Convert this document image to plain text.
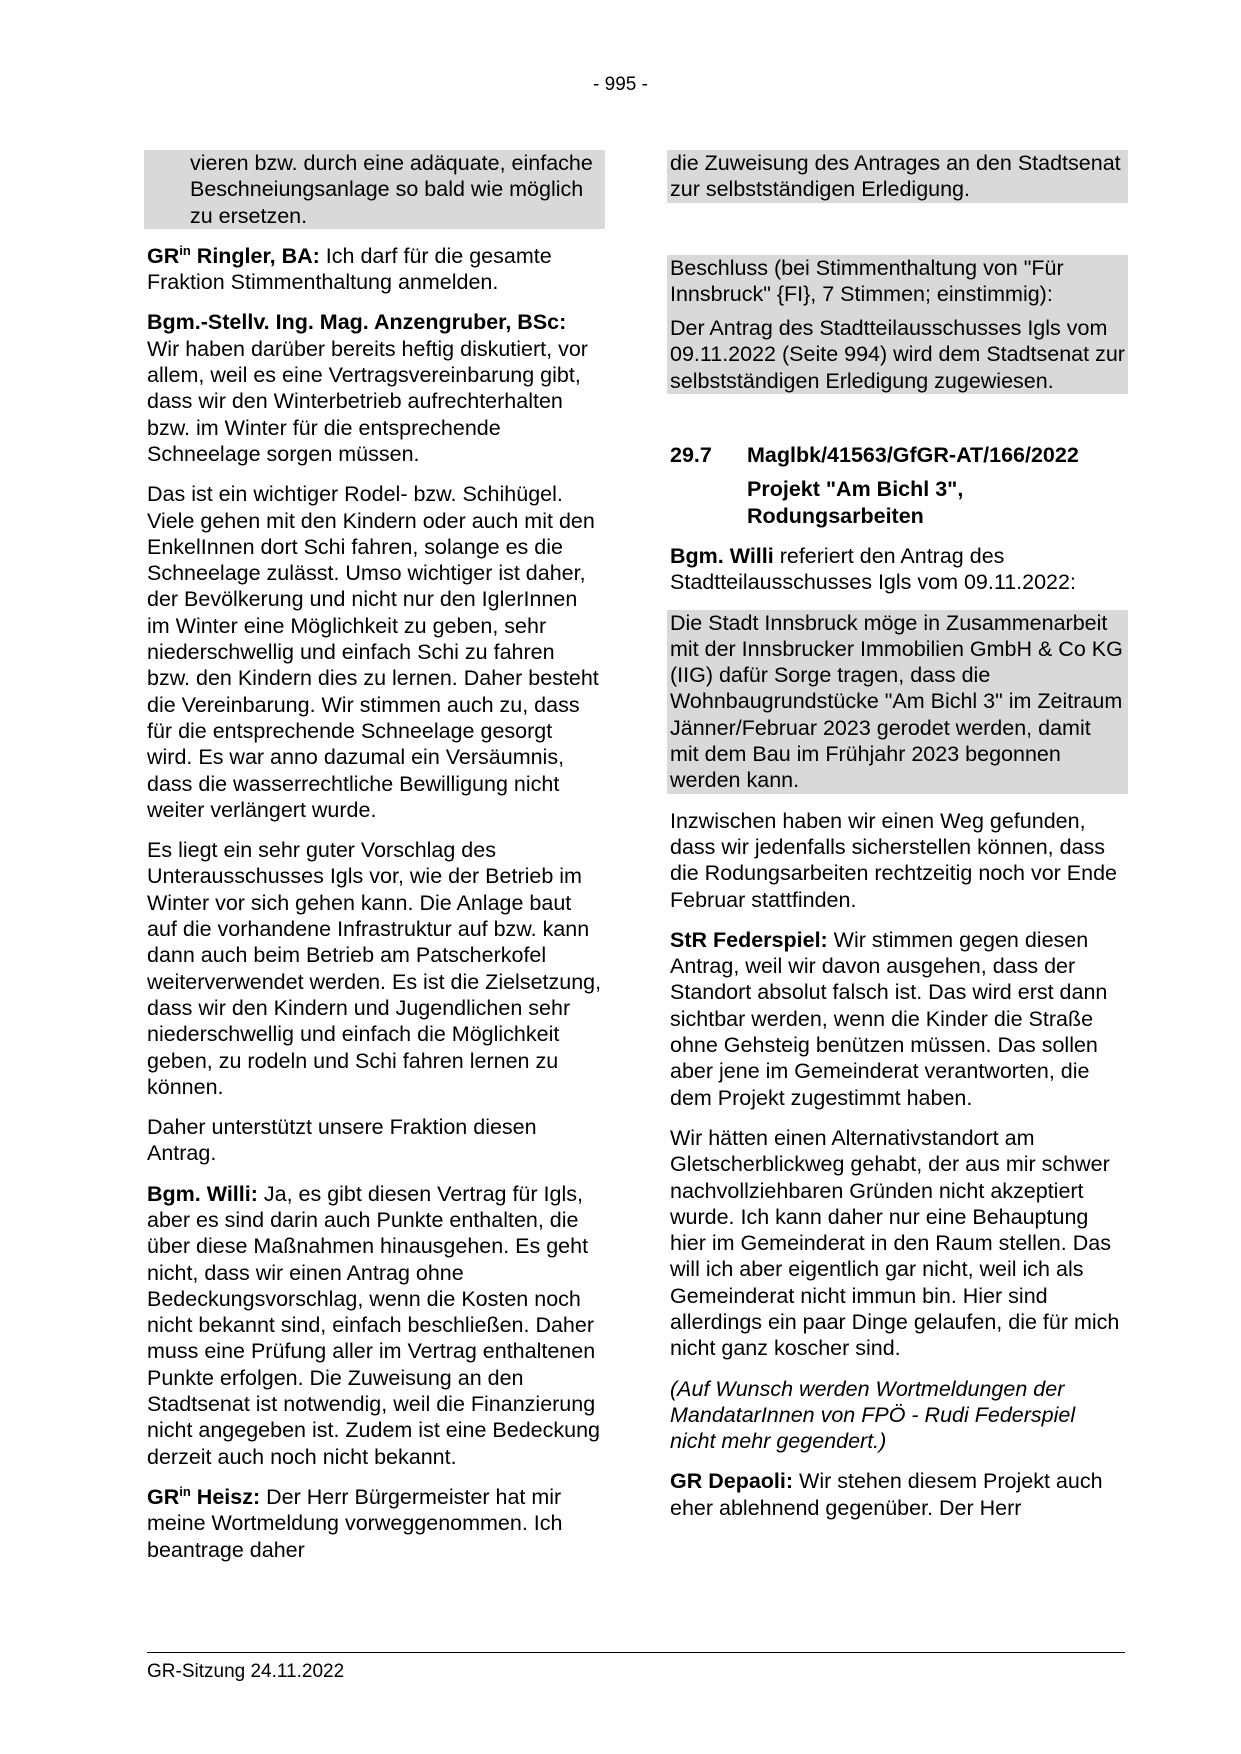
- 995 -

vieren bzw. durch eine adäquate, einfache Beschneiungsanlage so bald wie möglich zu ersetzen.

$GR^{in}$ Ringler, BA: Ich darf für die gesamte Fraktion Stimmenthaltung anmelden.

Bgm.-Stellv. Ing. Mag. Anzengruber, BSc: Wir haben darüber bereits heftig diskutiert, vor allem, weil es eine Vertragsvereinbarung gibt, dass wir den Winterbetrieb aufrechterhalten bzw. im Winter für die entsprechende Schneelage sorgen müssen.

Das ist ein wichtiger Rodel- bzw. Schihügel. Viele gehen mit den Kindern oder auch mit den EnkelInnen dort Schi fahren, solange es die Schneelage zulässt. Umso wichtiger ist daher, der Bevölkerung und nicht nur den IglerInnen im Winter eine Möglichkeit zu geben, sehr niederschwellig und einfach Schi zu fahren bzw. den Kindern dies zu lernen. Daher besteht die Vereinbarung. Wir stimmen auch zu, dass für die entsprechende Schneelage gesorgt wird. Es war anno dazumal ein Versäumnis, dass die wasserrechtliche Bewilligung nicht weiter verlängert wurde.

Es liegt ein sehr guter Vorschlag des Unterausschusses Igls vor, wie der Betrieb im Winter vor sich gehen kann. Die Anlage baut auf die vorhandene Infrastruktur auf bzw. kann dann auch beim Betrieb am Patscherkofel weiterverwendet werden. Es ist die Zielsetzung, dass wir den Kindern und Jugendlichen sehr niederschwellig und einfach die Möglichkeit geben, zu rodeln und Schi fahren lernen zu können.

Daher unterstützt unsere Fraktion diesen Antrag.

Bgm. Willi: Ja, es gibt diesen Vertrag für Igls, aber es sind darin auch Punkte enthalten, die über diese Maßnahmen hinausgehen. Es geht nicht, dass wir einen Antrag ohne Bedeckungsvorschlag, wenn die Kosten noch nicht bekannt sind, einfach beschließen. Daher muss eine Prüfung aller im Vertrag enthaltenen Punkte erfolgen. Die Zuweisung an den Stadtsenat ist notwendig, weil die Finanzierung nicht angegeben ist. Zudem ist eine Bedeckung derzeit auch noch nicht bekannt.

$GR^{in}$ Heisz: Der Herr Bürgermeister hat mir meine Wortmeldung vorweggenommen. Ich beantrage daher

die Zuweisung des Antrages an den Stadtsenat zur selbstständigen Erledigung.

Beschluss (bei Stimmenthaltung von "Für Innsbruck" {FI}, 7 Stimmen; einstimmig):

Der Antrag des Stadtteilausschusses Igls vom 09.11.2022 (Seite 994) wird dem Stadtsenat zur selbstständigen Erledigung zugewiesen.

29.7	Maglbk/41563/GfGR-AT/166/2022

Projekt "Am Bichl 3", Rodungsarbeiten

Bgm. Willi referiert den Antrag des Stadtteilausschusses Igls vom 09.11.2022:

Die Stadt Innsbruck möge in Zusammenarbeit mit der Innsbrucker Immobilien GmbH & Co KG (IIG) dafür Sorge tragen, dass die Wohnbaugrundstücke "Am Bichl 3" im Zeitraum Jänner/Februar 2023 gerodet werden, damit mit dem Bau im Frühjahr 2023 begonnen werden kann.

Inzwischen haben wir einen Weg gefunden, dass wir jedenfalls sicherstellen können, dass die Rodungsarbeiten rechtzeitig noch vor Ende Februar stattfinden.

StR Federspiel: Wir stimmen gegen diesen Antrag, weil wir davon ausgehen, dass der Standort absolut falsch ist. Das wird erst dann sichtbar werden, wenn die Kinder die Straße ohne Gehsteig benützen müssen. Das sollen aber jene im Gemeinderat verantworten, die dem Projekt zugestimmt haben.

Wir hätten einen Alternativstandort am Gletscherblickweg gehabt, der aus mir schwer nachvollziehbaren Gründen nicht akzeptiert wurde. Ich kann daher nur eine Behauptung hier im Gemeinderat in den Raum stellen. Das will ich aber eigentlich gar nicht, weil ich als Gemeinderat nicht immun bin. Hier sind allerdings ein paar Dinge gelaufen, die für mich nicht ganz koscher sind.

(Auf Wunsch werden Wortmeldungen der MandatarInnen von FPÖ - Rudi Federspiel nicht mehr gegendert.)

GR Depaoli: Wir stehen diesem Projekt auch eher ablehnend gegenüber. Der Herr

GR-Sitzung 24.11.2022
